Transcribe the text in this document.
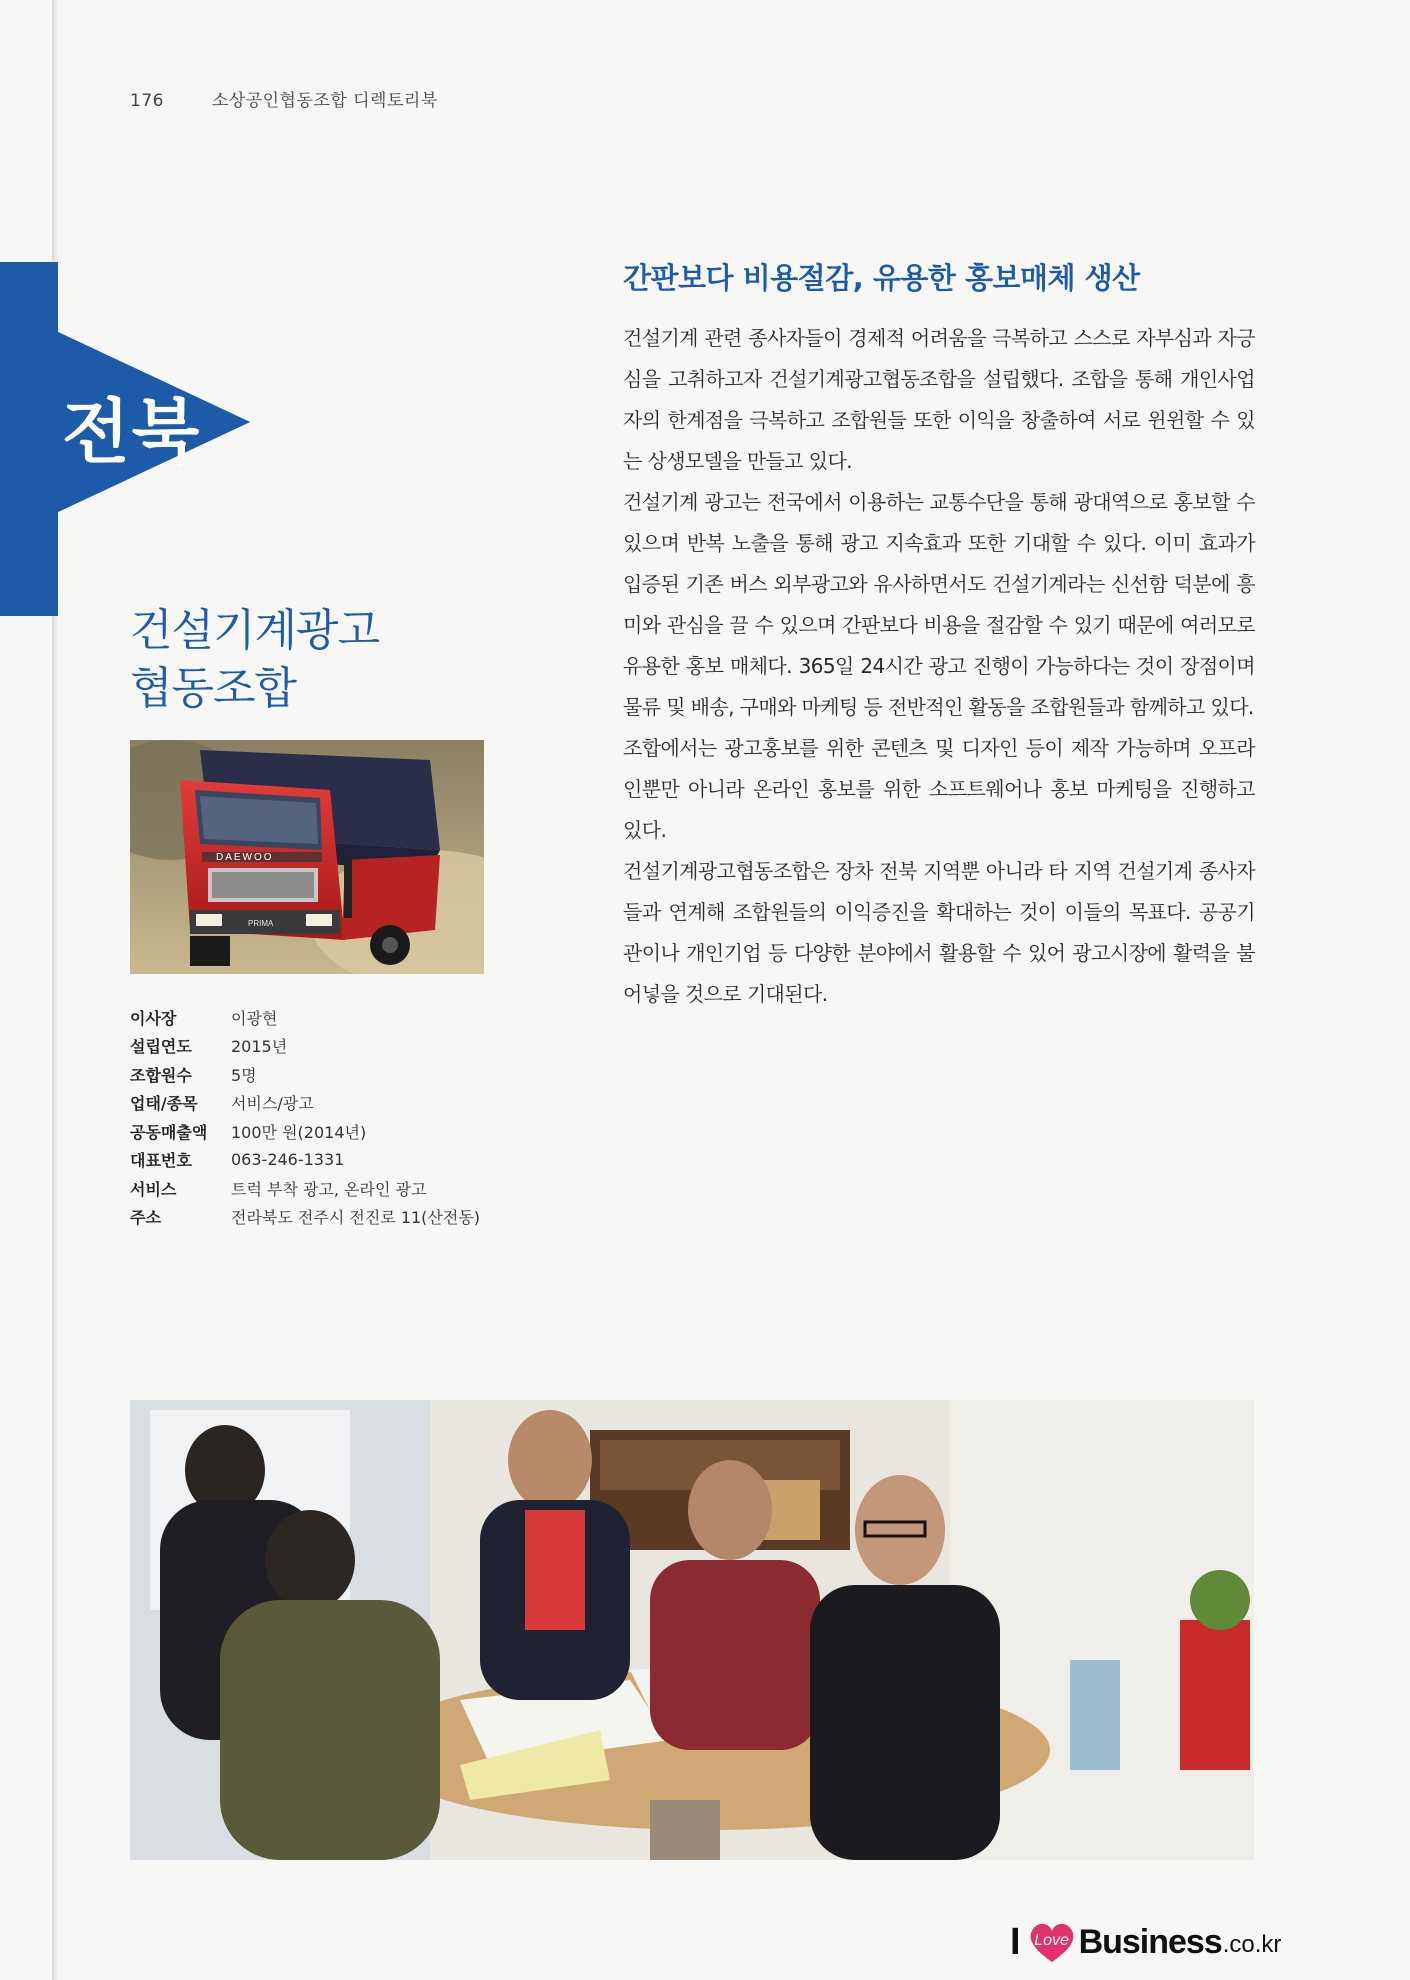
176	소상공인협동조합 디렉토리북
전북
건설기계광고
협동조합
DAEWOO
PRIMA
이사장	이광현
설립연도	2015년
조합원수	5명
업태/종목	서비스/광고
공동매출액	100만 원(2014년)
대표번호	063-246-1331
서비스	트럭 부착 광고, 온라인 광고
주소	전라북도 전주시 전진로 11(산전동)
간판보다 비용절감, 유용한 홍보매체 생산

건설기계 관련 종사자들이 경제적 어려움을 극복하고 스스로 자부심과 자긍심을 고취하고자 건설기계광고협동조합을 설립했다. 조합을 통해 개인사업자의 한계점을 극복하고 조합원들 또한 이익을 창출하여 서로 윈윈할 수 있는 상생모델을 만들고 있다.

건설기계 광고는 전국에서 이용하는 교통수단을 통해 광대역으로 홍보할 수 있으며 반복 노출을 통해 광고 지속효과 또한 기대할 수 있다. 이미 효과가 입증된 기존 버스 외부광고와 유사하면서도 건설기계라는 신선함 덕분에 흥미와 관심을 끌 수 있으며 간판보다 비용을 절감할 수 있기 때문에 여러모로 유용한 홍보 매체다. 365일 24시간 광고 진행이 가능하다는 것이 장점이며 물류 및 배송, 구매와 마케팅 등 전반적인 활동을 조합원들과 함께하고 있다.

조합에서는 광고홍보를 위한 콘텐츠 및 디자인 등이 제작 가능하며 오프라인뿐만 아니라 온라인 홍보를 위한 소프트웨어나 홍보 마케팅을 진행하고 있다.

건설기계광고협동조합은 장차 전북 지역뿐 아니라 타 지역 건설기계 종사자들과 연계해 조합원들의 이익증진을 확대하는 것이 이들의 목표다. 공공기관이나 개인기업 등 다양한 분야에서 활용할 수 있어 광고시장에 활력을 불어넣을 것으로 기대된다.

I Love Business .co.kr
